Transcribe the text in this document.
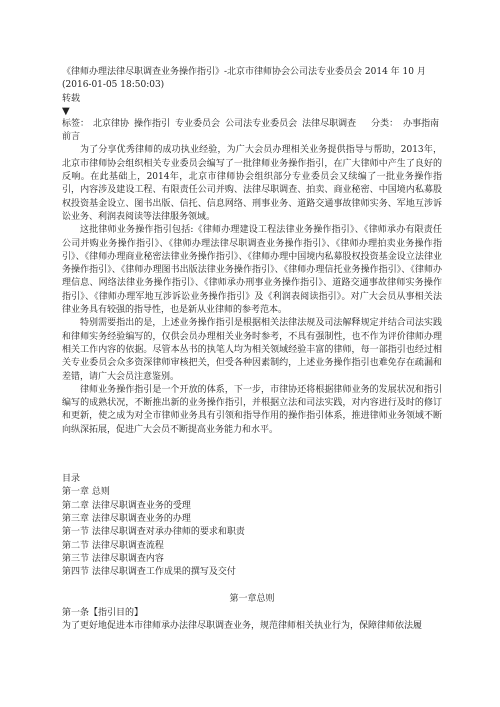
《律师办理法律尽职调查业务操作指引》-北京市律师协会公司法专业委员会 2014 年 10 月

(2016-01-05 18:50:03)

转载

▼

标签： 北京律协 操作指引 专业委员会 公司法专业委员会 法律尽职调查 分类： 办事指南

前言

为了分享优秀律师的成功执业经验，为广大会员办理相关业务提供指导与帮助，2013年，北京市律师协会组织相关专业委员会编写了一批律师业务操作指引，在广大律师中产生了良好的反响。在此基础上，2014年，北京市律师协会组织部分专业委员会又续编了一批业务操作指引，内容涉及建设工程、有限责任公司并购、法律尽职调查、拍卖、商业秘密、中国境内私募股权投资基金设立、图书出版、信托、信息网络、刑事业务、道路交通事故律师实务、军地互涉诉讼业务、利润表阅读等法律服务领域。

这批律师业务操作指引包括:《律师办理建设工程法律业务操作指引》、《律师承办有限责任公司并购业务操作指引》、《律师办理法律尽职调查业务操作指引》、《律师办理拍卖业务操作指引》、《律师办理商业秘密法律业务操作指引》、《律师办理中国境内私募股权投资基金设立法律业务操作指引》、《律师办理图书出版法律业务操作指引》、《律师办理信托业务操作指引》、《律师办理信息、网络法律业务操作指引》、《律师承办刑事业务操作指引》、道路交通事故律师实务操作指引》、《律师办理军地互涉诉讼业务操作指引》及《利润表阅读指引》。对广大会员从事相关法律业务具有较强的指导性，也是新从业律师的参考范本。

特别需要指出的是，上述业务操作指引是根据相关法律法规及司法解释规定并结合司法实践和律师实务经验编写的，仅供会员办理相关业务时参考，不具有强制性，也不作为评价律师办理相关工作内容的依据。尽管本丛书的执笔人均为相关领域经验丰富的律师，每一部指引也经过相关专业委员会众多资深律师审核把关，但受各种因素制约，上述业务操作指引也难免存在疏漏和差错，请广大会员注意鉴别。

律师业务操作指引是一个开放的体系，下一步，市律协还将根据律师业务的发展状况和指引编写的成熟状况，不断推出新的业务操作指引，并根据立法和司法实践，对内容进行及时的修订和更新，使之成为对全市律师业务具有引领和指导作用的操作指引体系，推进律师业务领域不断向纵深拓展，促进广大会员不断提高业务能力和水平。

目录

第一章 总则

第二章 法律尽职调查业务的受理

第三章 法律尽职调查业务的办理

第一节 法律尽职调查对承办律师的要求和职责

第二节 法律尽职调查流程

第三节 法律尽职调查内容

第四节 法律尽职调查工作成果的撰写及交付

第一章总则

第一条【指引目的】

为了更好地促进本市律师承办法律尽职调查业务，规范律师相关执业行为，保障律师依法履
